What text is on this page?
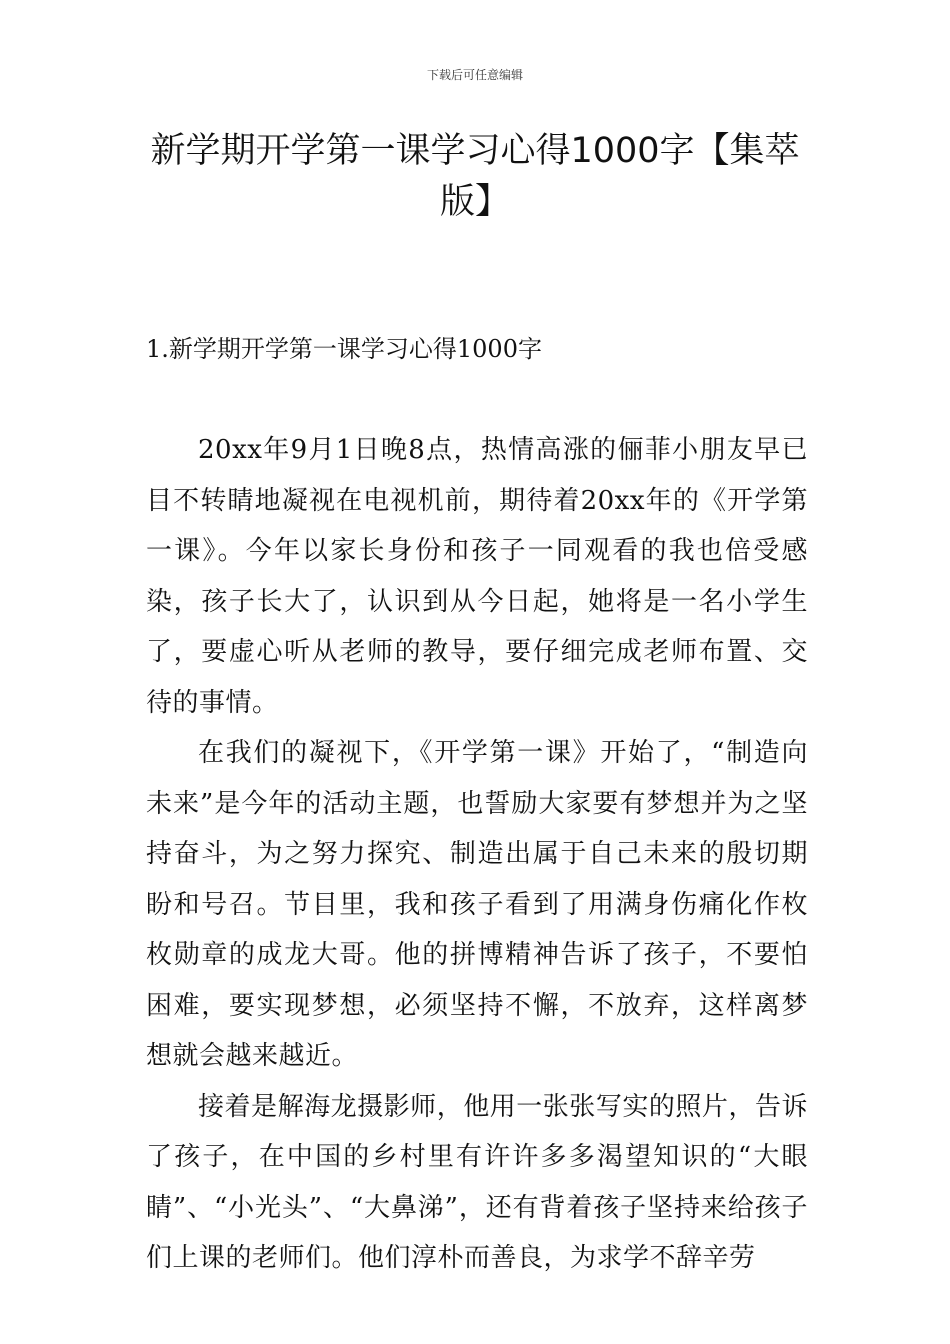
下载后可任意编辑
新学期开学第一课学习心得1000字【集萃版】
1.新学期开学第一课学习心得1000字

20xx年9月1日晚8点，热情高涨的俪菲小朋友早已目不转睛地凝视在电视机前，期待着20xx年的《开学第一课》。今年以家长身份和孩子一同观看的我也倍受感染，孩子长大了，认识到从今日起，她将是一名小学生了，要虚心听从老师的教导，要仔细完成老师布置、交待的事情。

在我们的凝视下，《开学第一课》开始了，“制造向未来”是今年的活动主题，也誓励大家要有梦想并为之坚持奋斗，为之努力探究、制造出属于自己未来的殷切期盼和号召。节目里，我和孩子看到了用满身伤痛化作枚枚勋章的成龙大哥。他的拼博精神告诉了孩子，不要怕困难，要实现梦想，必须坚持不懈，不放弃，这样离梦想就会越来越近。

接着是解海龙摄影师，他用一张张写实的照片，告诉了孩子，在中国的乡村里有许许多多渴望知识的“大眼睛”、“小光头”、“大鼻涕”，还有背着孩子坚持来给孩子们上课的老师们。他们淳朴而善良，为求学不辞辛劳
